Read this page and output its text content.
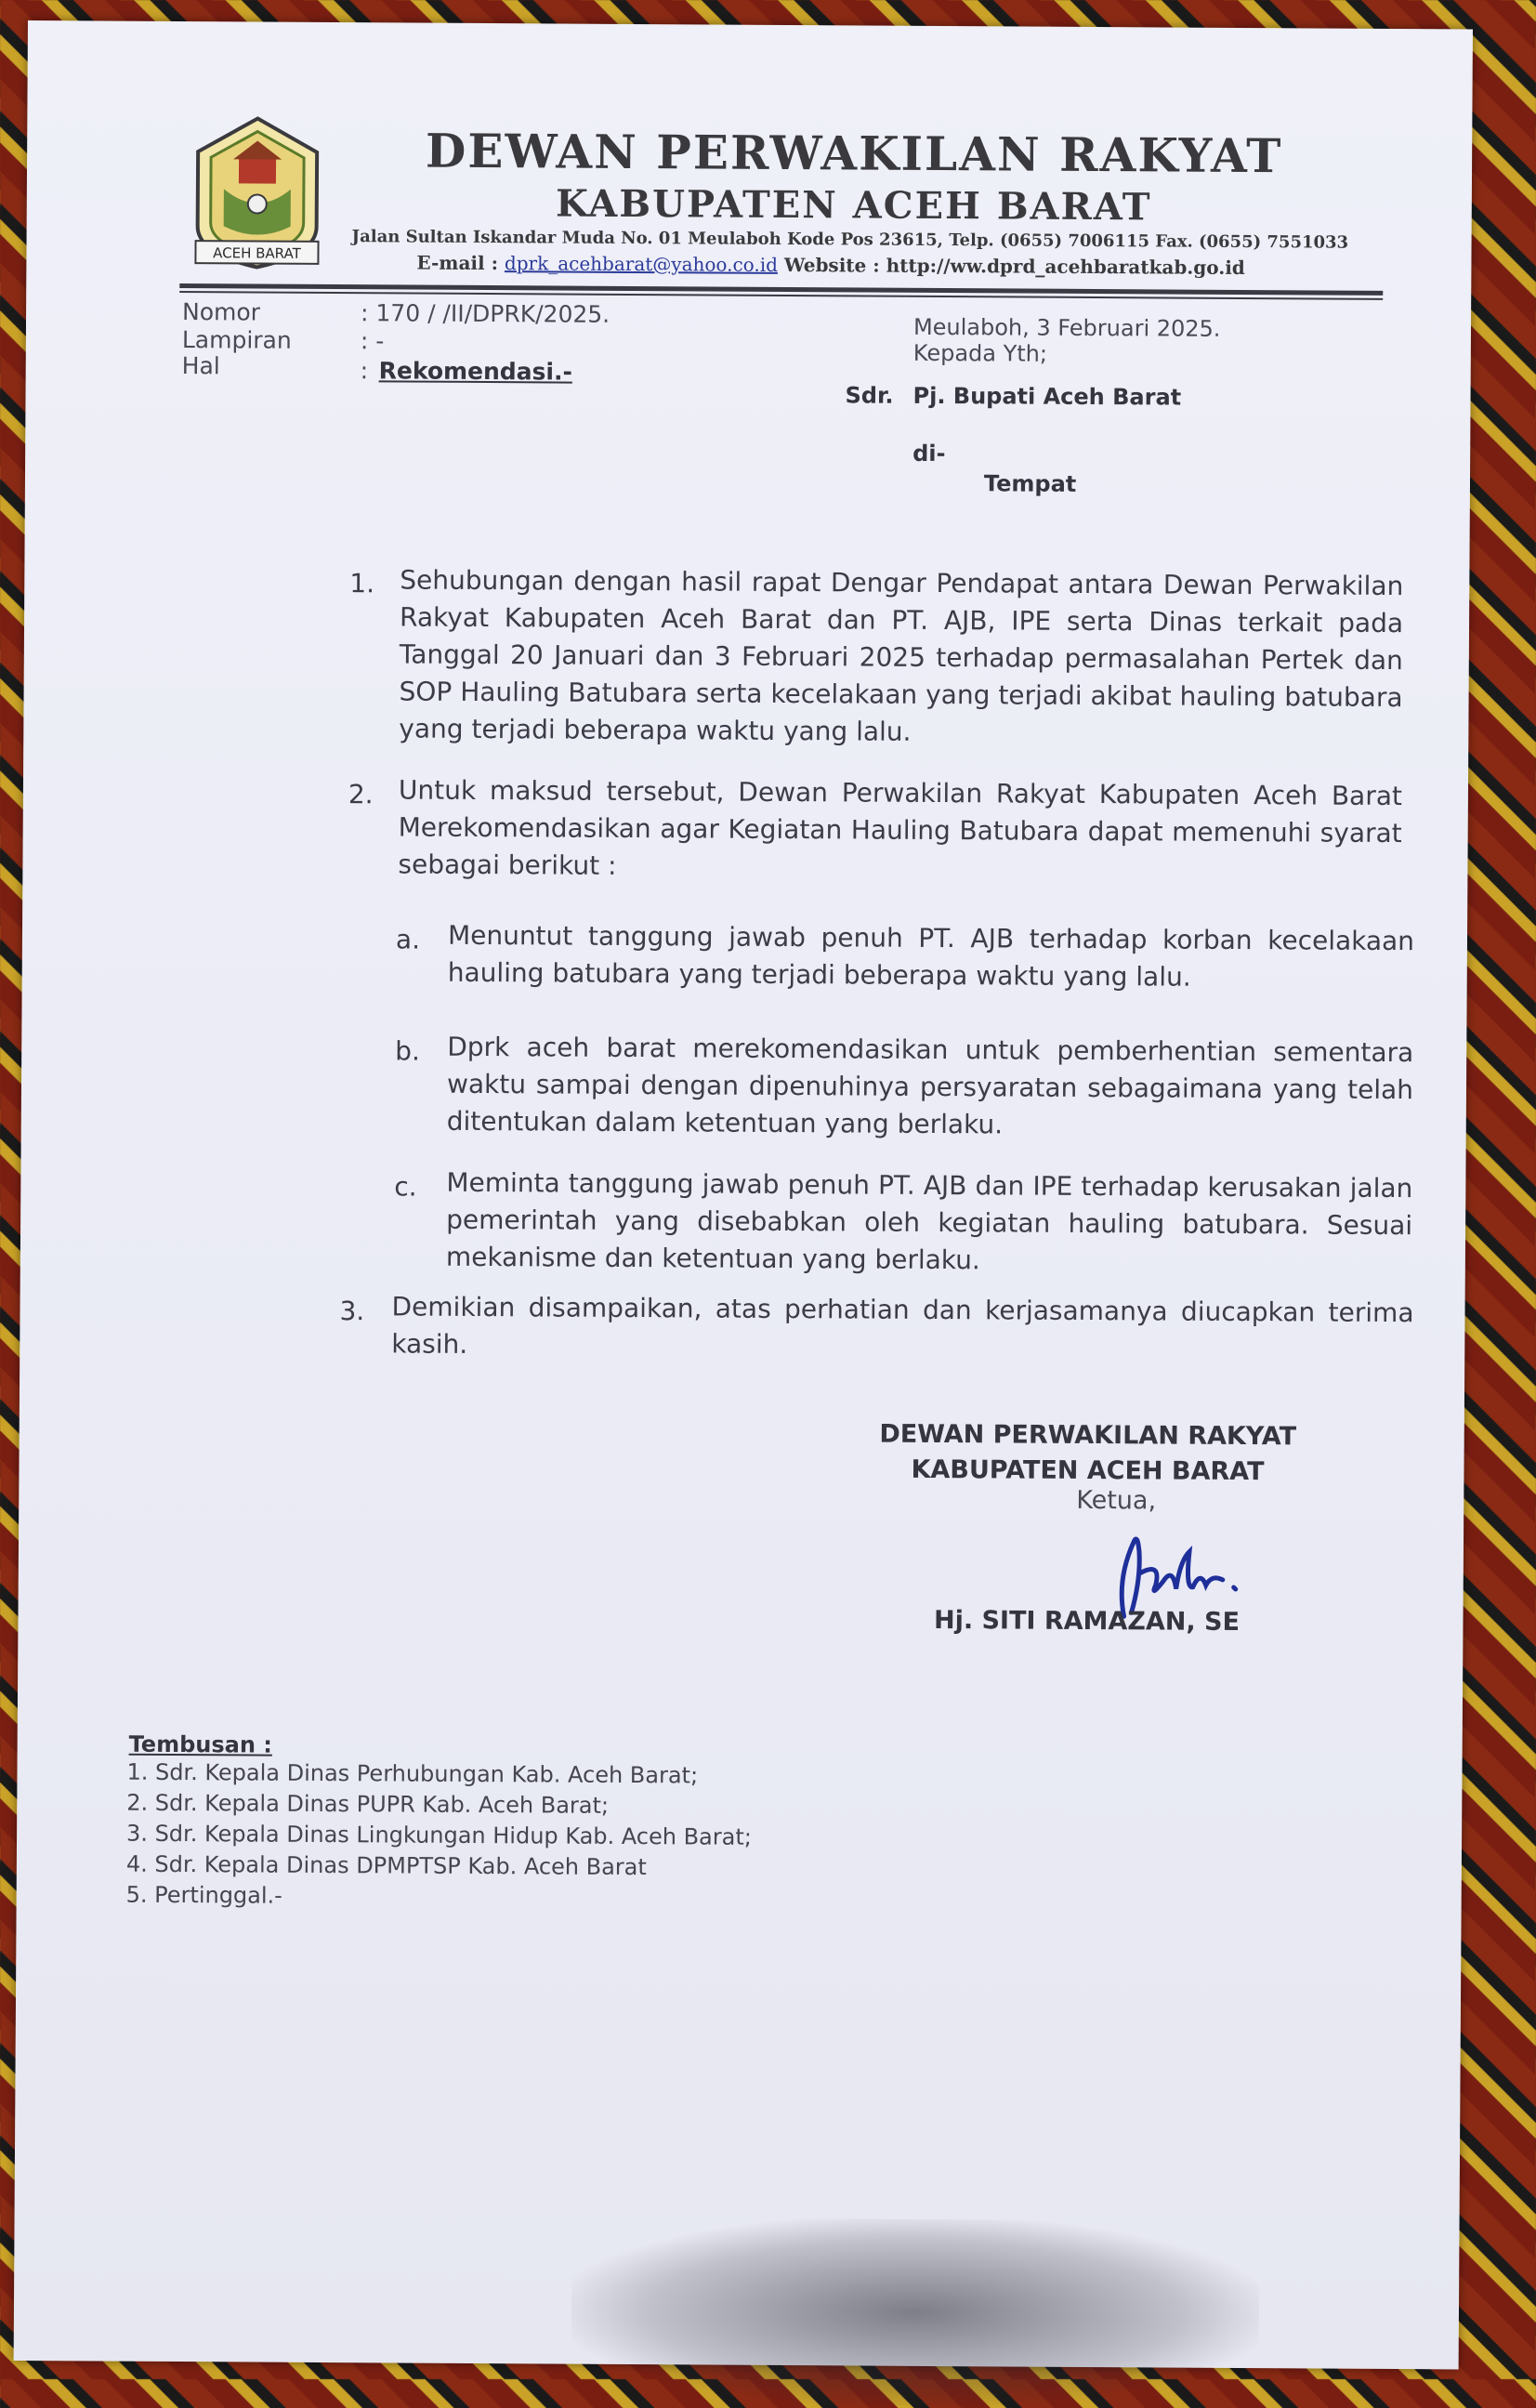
ACEH BARAT
DEWAN PERWAKILAN RAKYAT
KABUPATEN ACEH BARAT
Jalan Sultan Iskandar Muda No. 01 Meulaboh Kode Pos 23615, Telp. (0655) 7006115 Fax. (0655) 7551033
E-mail : dprk_acehbarat@yahoo.co.id Website : http://ww.dprd_acehbaratkab.go.id
Nomor	: 170 / /II/DPRK/2025.
Lampiran	: -
Hal	: Rekomendasi.-
Meulaboh, 3 Februari 2025.
Kepada Yth;
Sdr. Pj. Bupati Aceh Barat
di-
Tempat
1. Sehubungan dengan hasil rapat Dengar Pendapat antara Dewan Perwakilan Rakyat Kabupaten Aceh Barat dan PT. AJB, IPE serta Dinas terkait pada Tanggal 20 Januari dan 3 Februari 2025 terhadap permasalahan Pertek dan SOP Hauling Batubara serta kecelakaan yang terjadi akibat hauling batubara yang terjadi beberapa waktu yang lalu.

2. Untuk maksud tersebut, Dewan Perwakilan Rakyat Kabupaten Aceh Barat Merekomendasikan agar Kegiatan Hauling Batubara dapat memenuhi syarat sebagai berikut :

a. Menuntut tanggung jawab penuh PT. AJB terhadap korban kecelakaan hauling batubara yang terjadi beberapa waktu yang lalu.

b. Dprk aceh barat merekomendasikan untuk pemberhentian sementara waktu sampai dengan dipenuhinya persyaratan sebagaimana yang telah ditentukan dalam ketentuan yang berlaku.

c. Meminta tanggung jawab penuh PT. AJB dan IPE terhadap kerusakan jalan pemerintah yang disebabkan oleh kegiatan hauling batubara. Sesuai mekanisme dan ketentuan yang berlaku.

3. Demikian disampaikan, atas perhatian dan kerjasamanya diucapkan terima kasih.

DEWAN PERWAKILAN RAKYAT
KABUPATEN ACEH BARAT
Ketua,
Hj. SITI RAMAZAN, SE
Tembusan :
1. Sdr. Kepala Dinas Perhubungan Kab. Aceh Barat;
2. Sdr. Kepala Dinas PUPR Kab. Aceh Barat;
3. Sdr. Kepala Dinas Lingkungan Hidup Kab. Aceh Barat;
4. Sdr. Kepala Dinas DPMPTSP Kab. Aceh Barat
5. Pertinggal.-
